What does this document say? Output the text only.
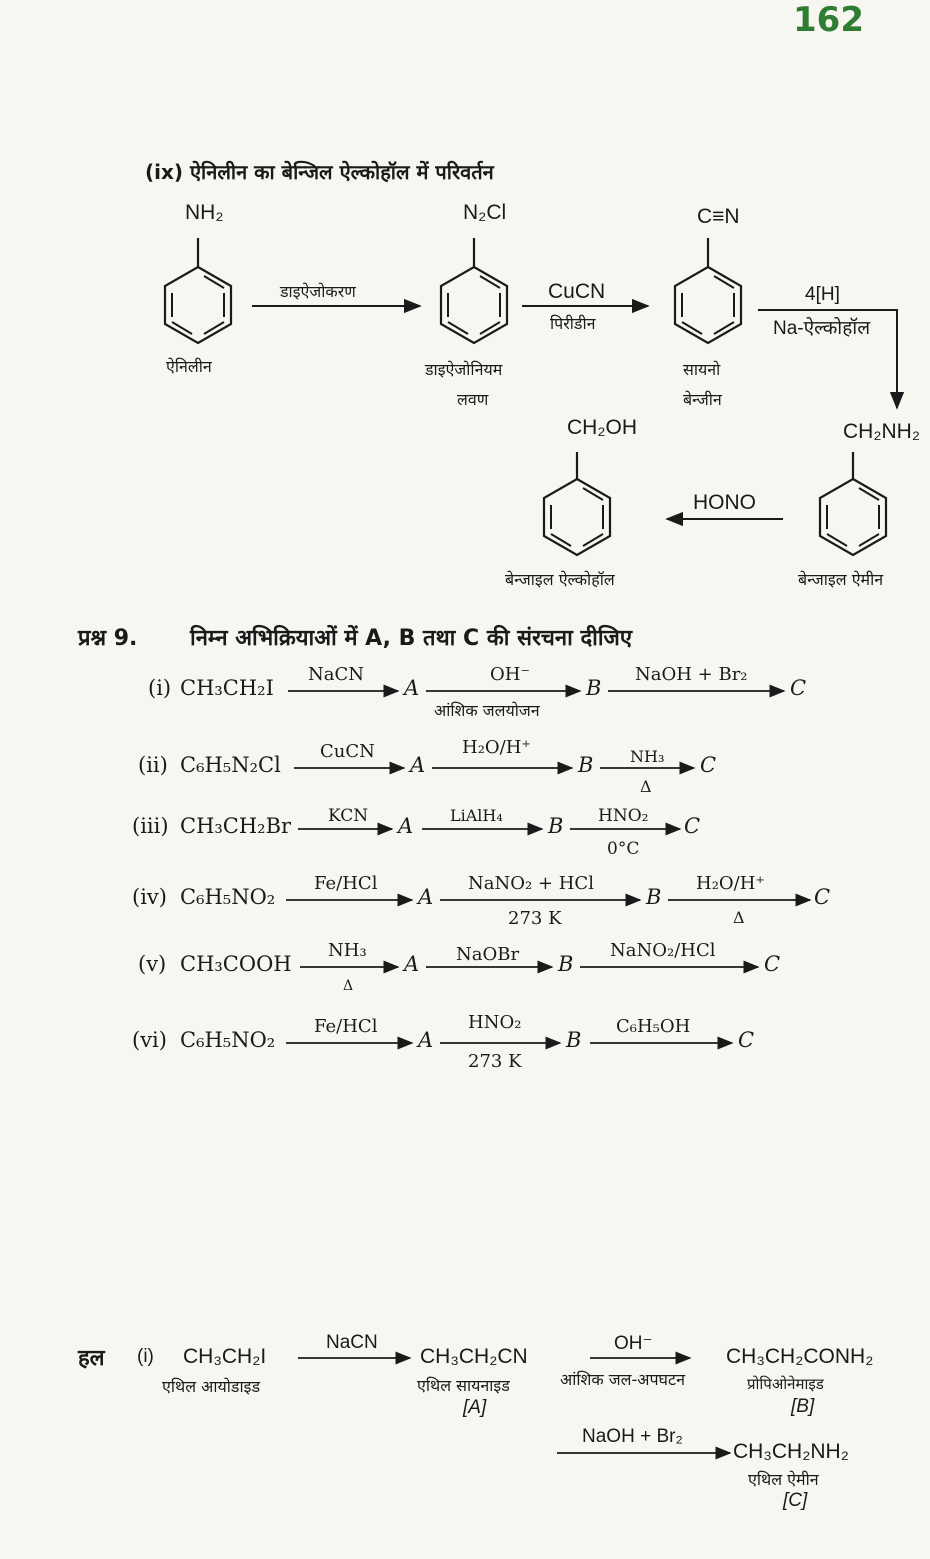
162
(ix) ऐनिलीन का बेन्जिल ऐल्कोहॉल में परिवर्तन
NH₂
ऐनिलीन
डाइऐजोकरण
N₂Cl
डाइऐजोनियम
लवण
CuCN
पिरीडीन
C≡N
सायनो
बेन्जीन
4[H]
Na-ऐल्कोहॉल
CH₂NH₂
बेन्जाइल ऐमीन
HONO
CH₂OH
बेन्जाइल ऐल्कोहॉल
प्रश्न 9. निम्न अभिक्रियाओं में A, B तथा C की संरचना दीजिए
(i) CH₃CH₂I
NaCN
A
OH⁻
आंशिक जलयोजन
B
NaOH + Br₂
C
(ii) C₆H₅N₂Cl
CuCN
A
H₂O/H⁺
B NH₃
Δ
C
(iii) CH₃CH₂Br KCN A LiAlH₄ B HNO₂
0°C
C
(iv) C₆H₅NO₂
Fe/HCl
A
NaNO₂ + HCl
273 K
B
H₂O/H⁺
Δ
C
(v) CH₃COOH
NH₃
Δ
A NaOBr B
NaNO₂/HCl
C
(vi) C₆H₅NO₂
Fe/HCl
A
HNO₂
273 K
B
C₆H₅OH
C
हल (i) CH₃CH₂I
एथिल आयोडाइड
NaCN
CH₃CH₂CN
एथिल सायनाइड
[A]
OH⁻
आंशिक जल-अपघटन
CH₃CH₂CONH₂
प्रोपिओनेमाइड
[B]
NaOH + Br₂
CH₃CH₂NH₂
एथिल ऐमीन
[C]
